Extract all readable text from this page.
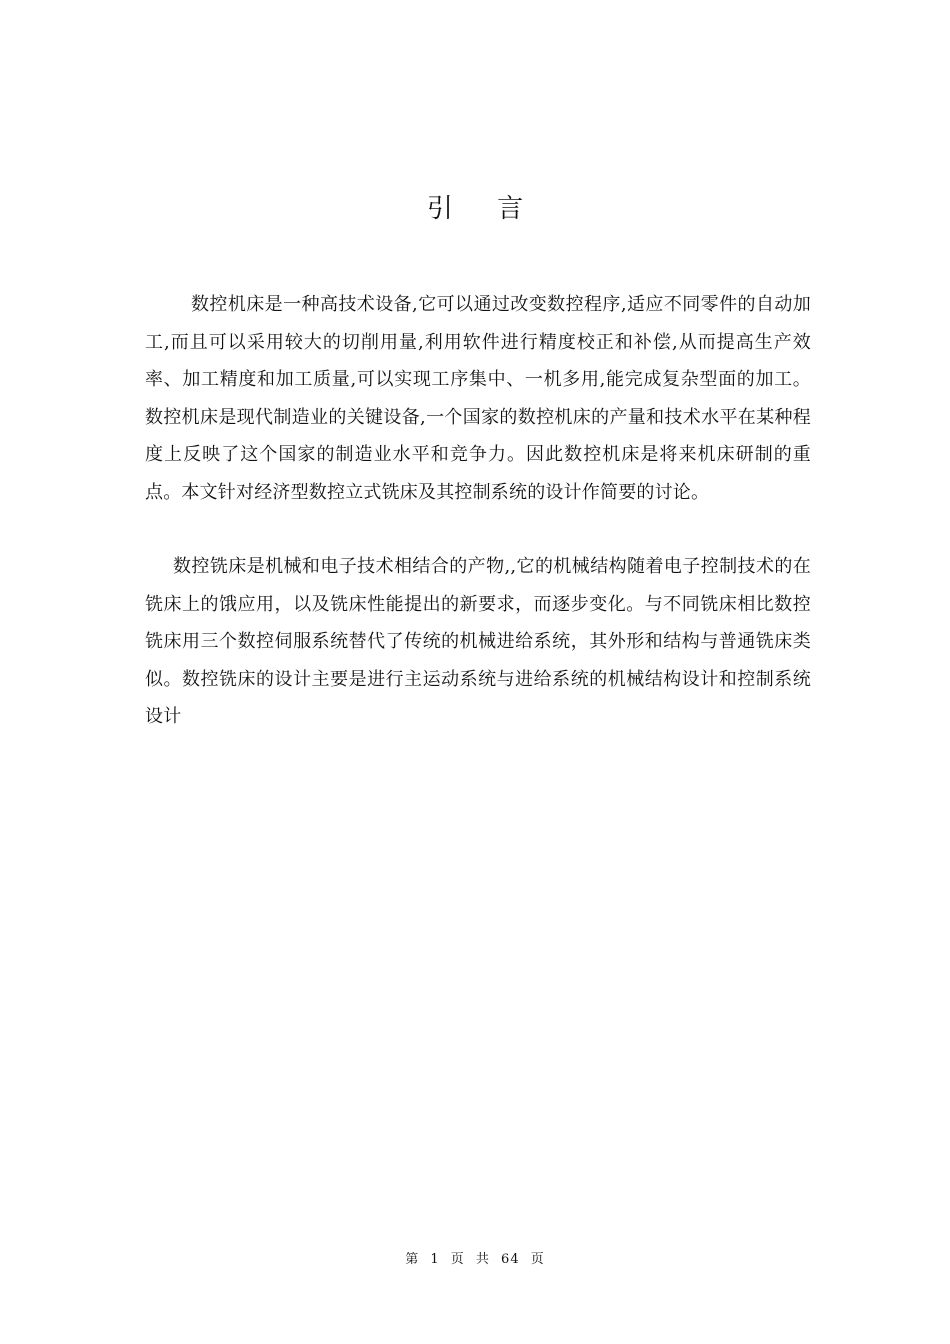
引 言
数控机床是一种高技术设备,它可以通过改变数控程序,适应不同零件的自动加工,而且可以采用较大的切削用量,利用软件进行精度校正和补偿,从而提高生产效率、加工精度和加工质量,可以实现工序集中、一机多用,能完成复杂型面的加工。数控机床是现代制造业的关键设备,一个国家的数控机床的产量和技术水平在某种程度上反映了这个国家的制造业水平和竞争力。因此数控机床是将来机床研制的重点。本文针对经济型数控立式铣床及其控制系统的设计作简要的讨论。
数控铣床是机械和电子技术相结合的产物,,它的机械结构随着电子控制技术的在铣床上的饿应用，以及铣床性能提出的新要求，而逐步变化。与不同铣床相比数控铣床用三个数控伺服系统替代了传统的机械进给系统，其外形和结构与普通铣床类似。数控铣床的设计主要是进行主运动系统与进给系统的机械结构设计和控制系统设计
第 1 页 共 64 页
